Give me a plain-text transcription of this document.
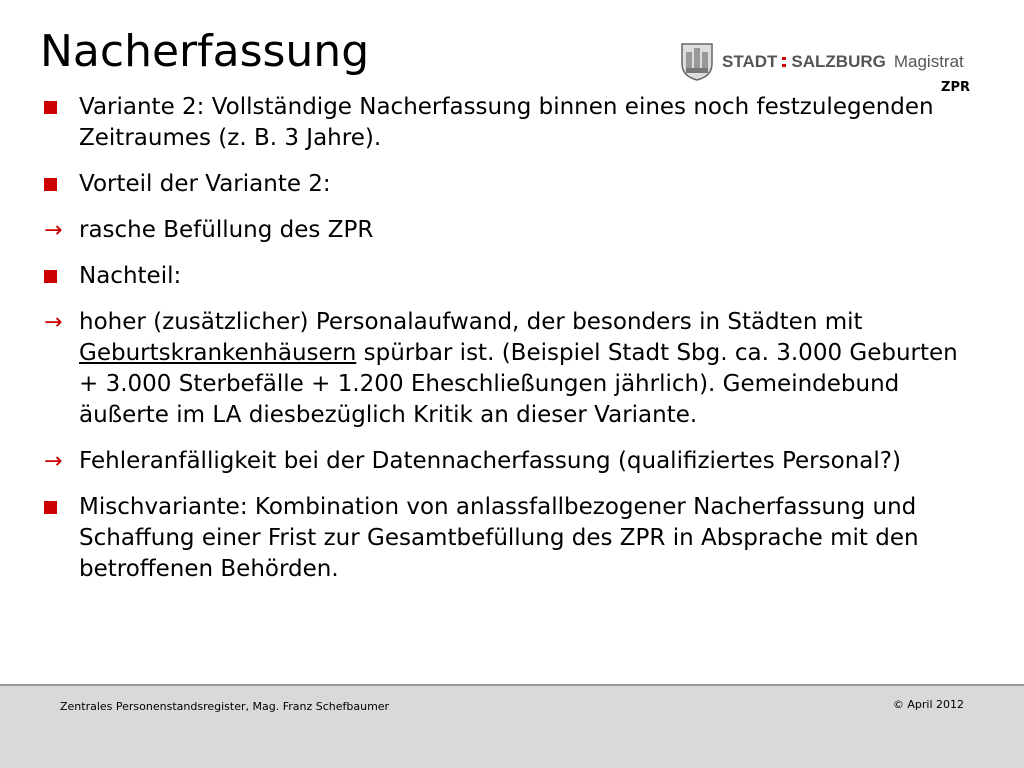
Nacherfassung	STADT SALZBURG Magistrat
ZPR
Variante 2: Vollständige Nacherfassung binnen eines noch festzulegenden Zeitraumes (z. B. 3 Jahre).
Vorteil der Variante 2:
→ rasche Befüllung des ZPR
Nachteil:
→ hoher (zusätzlicher) Personalaufwand, der besonders in Städten mit Geburtskrankenhäusern spürbar ist. (Beispiel Stadt Sbg. ca. 3.000 Geburten + 3.000 Sterbefälle + 1.200 Eheschließungen jährlich). Gemeindebund äußerte im LA diesbezüglich Kritik an dieser Variante.
→ Fehleranfälligkeit bei der Datennacherfassung (qualifiziertes Personal?)
Mischvariante: Kombination von anlassfallbezogener Nacherfassung und Schaffung einer Frist zur Gesamtbefüllung des ZPR in Absprache mit den betroffenen Behörden.
Zentrales Personenstandsregister, Mag. Franz Schefbaumer	© April 2012
